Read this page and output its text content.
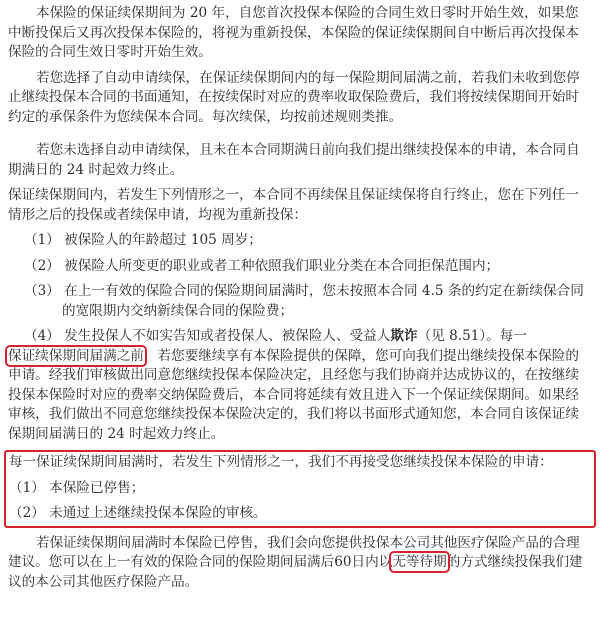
本保险的保证续保期间为 20 年，自您首次投保本保险的合同生效日零时开始生效，如果您中断投保后又再次投保本保险的，将视为重新投保，本保险的保证续保期间自中断后再次投保本保险的合同生效日零时开始生效。

若您选择了自动申请续保，在保证续保期间内的每一保险期间届满之前，若我们未收到您停止继续投保本合同的书面通知，在按续保时对应的费率收取保险费后，我们将按续保期间开始时约定的承保条件为您续保本合同。每次续保，均按前述规则类推。

若您未选择自动申请续保，且未在本合同期满日前向我们提出继续投保本的申请，本合同自期满日的 24 时起效力终止。

保证续保期间内，若发生下列情形之一，本合同不再续保且保证续保将自行终止，您在下列任一情形之后的投保或者续保申请，均视为重新投保：

（1） 被保险人的年龄超过 105 周岁；

（2） 被保险人所变更的职业或者工种依照我们职业分类在本合同拒保范围内；

（3） 在上一有效的保险合同的保险期间届满时，您未按照本合同 4.5 条的约定在新续保合同的宽限期内交纳新续保合同的保险费；

（4） 发生投保人不如实告知或者投保人、被保险人、受益人欺诈（见 8.51）。每一

保证续保期间届满之前，若您要继续享有本保险提供的保障，您可向我们提出继续投保本保险的申请。经我们审核做出同意您继续投保本保险决定，且经您与我们协商并达成协议的，在按继续投保本保险时对应的费率交纳保险费后，本合同将延续有效且进入下一个保证续保期间。如果经审核，我们做出不同意您继续投保本保险决定的，我们将以书面形式通知您，本合同自该保证续保期间届满日的 24 时起效力终止。

每一保证续保期间届满时，若发生下列情形之一，我们不再接受您继续投保本保险的申请：

（1） 本保险已停售；

（2） 未通过上述继续投保本保险的审核。

若保证续保期间届满时本保险已停售，我们会向您提供投保本公司其他医疗保险产品的合理建议。您可以在上一有效的保险合同的保险期间届满后60日内以无等待期的方式继续投保我们建议的本公司其他医疗保险产品。
